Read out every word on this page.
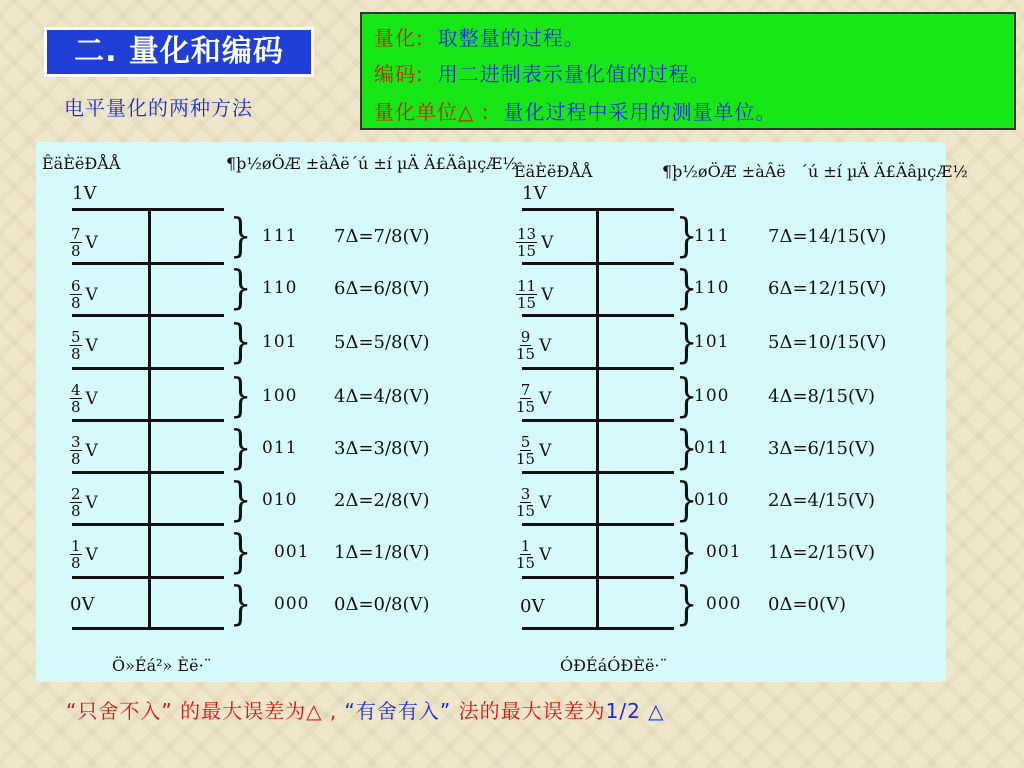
二. 量化和编码
电平量化的两种方法
量化: 取整量的过程。
编码: 用二进制表示量化值的过程。
量化单位△ : 量化过程中采用的测量单位。
ÊäÈëÐÅÅ	¶þ½øÖÆ ±àÂë ´ú ±í µÄ Ä£ÄâµçÆ½
1V
0V
Ö»Éá²» Èë·¨
$\frac{7}{8}$ V
$\frac{6}{8}$ V
$\frac{5}{8}$ V
$\frac{4}{8}$ V
$\frac{3}{8}$ V
$\frac{2}{8}$ V
$\frac{1}{8}$ V
} 111 7Δ=7/8(V)
} 110 6Δ=6/8(V)
} 101 5Δ=5/8(V)
} 100 4Δ=4/8(V)
} 011 3Δ=3/8(V)
} 010 2Δ=2/8(V)
} 001 1Δ=1/8(V)
} 000 0Δ=0/8(V)
ÊäÈëÐÅÅ	¶þ½øÖÆ ±àÂë ´ú ±í µÄ Ä£ÄâµçÆ½
1V
0V
ÓÐÉáÓÐÈë·¨
$\frac{13}{15}$ V
$\frac{11}{15}$ V
$\frac{9}{15}$ V
$\frac{7}{15}$ V
$\frac{5}{15}$ V
$\frac{3}{15}$ V
$\frac{1}{15}$ V
}
111 7Δ=14/15(V)
}
110 6Δ=12/15(V)
}
101 5Δ=10/15(V)
}
100 4Δ=8/15(V)
}
011 3Δ=6/15(V)
}
010 2Δ=4/15(V)
} 001 1Δ=2/15(V)
} 000 0Δ=0(V)
“只舍不入” 的最大误差为△ , “有舍有入” 法的最大误差为1/2 △
